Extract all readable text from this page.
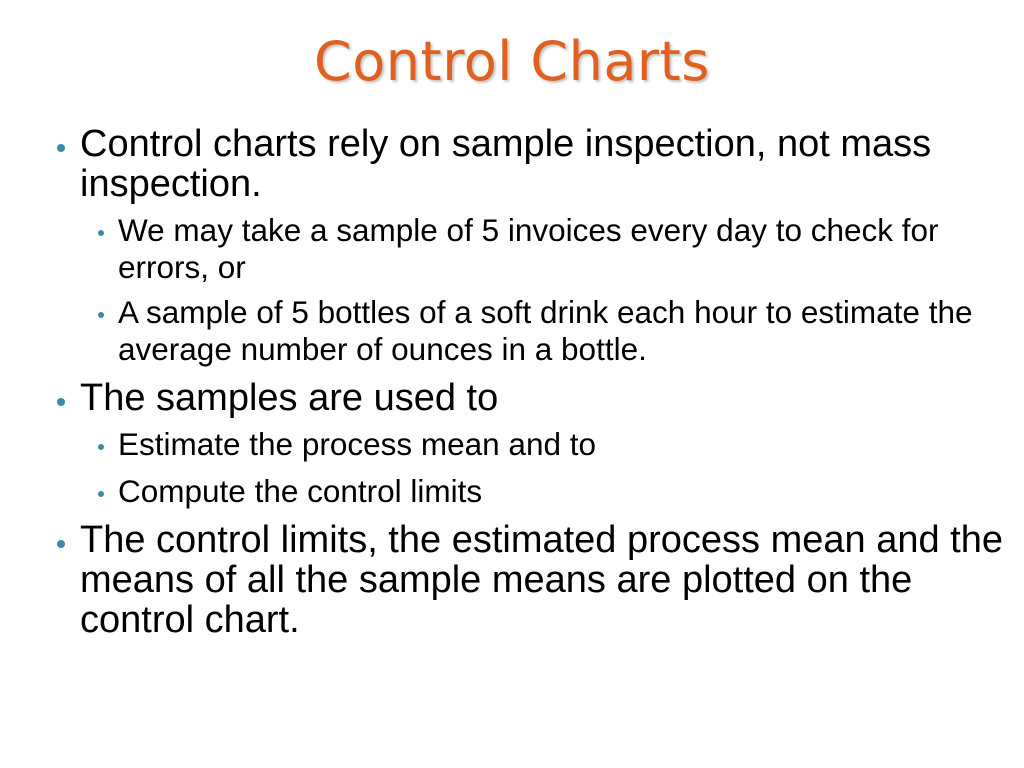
Control Charts
Control charts rely on sample inspection, not mass inspection.
We may take a sample of 5 invoices every day to check for errors, or
A sample of 5 bottles of a soft drink each hour to estimate the average number of ounces in a bottle.
The samples are used to
Estimate the process mean and to
Compute the control limits
The control limits, the estimated process mean and the means of all the sample means are plotted on the control chart.
